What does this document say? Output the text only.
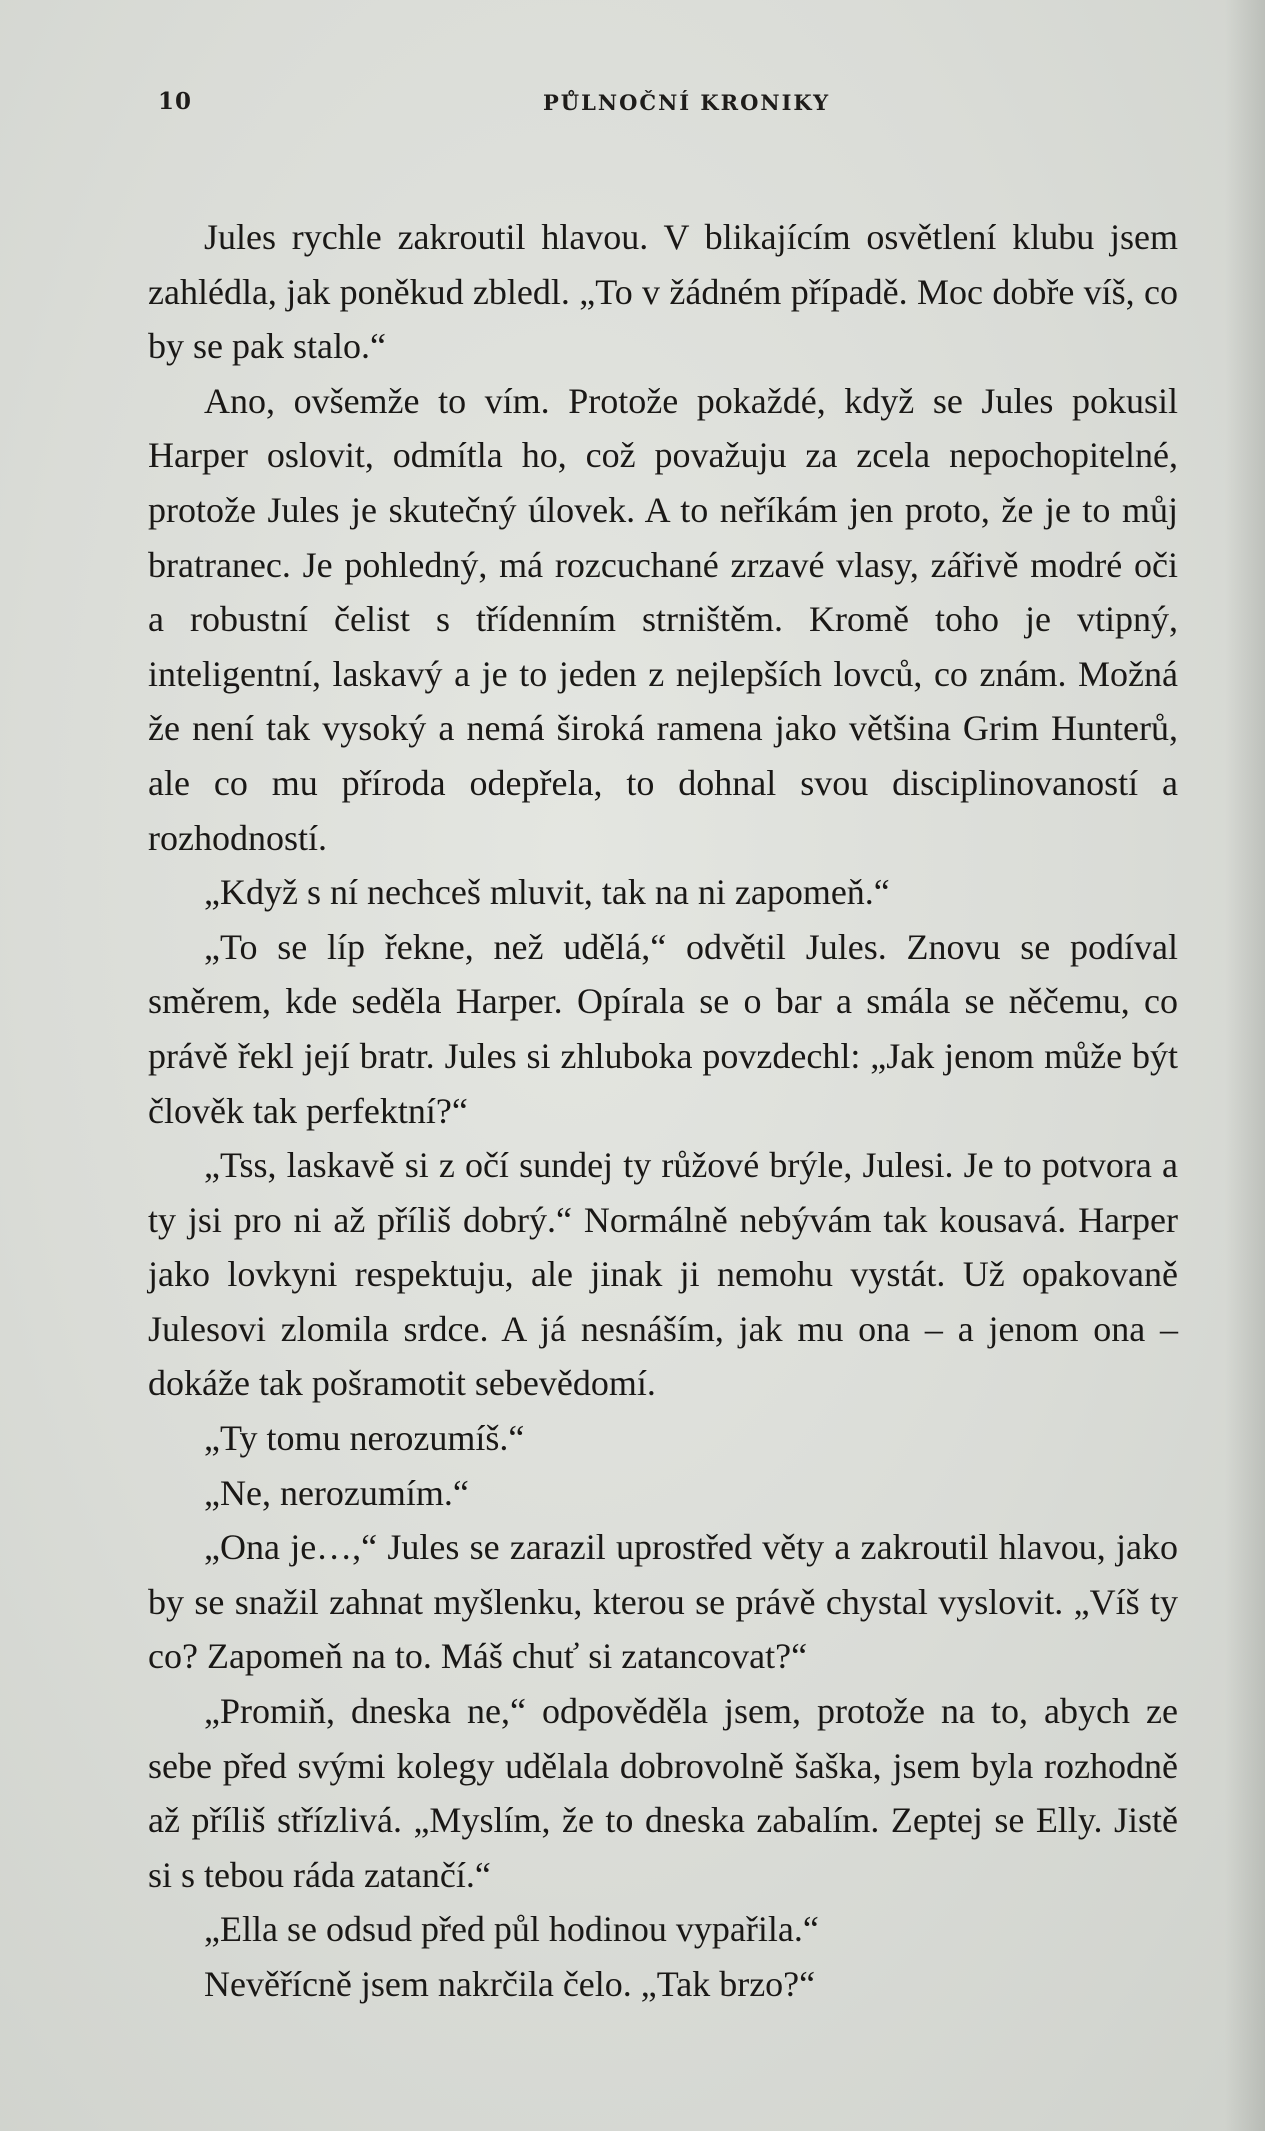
10	PŮLNOČNÍ KRONIKY

Jules rychle zakroutil hlavou. V blikajícím osvětlení klubu jsem zahlédla, jak poněkud zbledl. „To v žádném případě. Moc dobře víš, co by se pak stalo.“

Ano, ovšemže to vím. Protože pokaždé, když se Jules pokusil Harper oslovit, odmítla ho, což považuju za zcela nepochopitelné, protože Jules je skutečný úlovek. A to neříkám jen proto, že je to můj bratranec. Je pohledný, má rozcuchané zrzavé vlasy, zářivě modré oči a robustní čelist s třídenním strništěm. Kromě toho je vtipný, inteligentní, laskavý a je to jeden z nejlepších lovců, co znám. Možná že není tak vysoký a nemá široká ramena jako většina Grim Hunterů, ale co mu příroda odepřela, to dohnal svou disciplinovaností a rozhodností.

„Když s ní nechceš mluvit, tak na ni zapomeň.“

„To se líp řekne, než udělá,“ odvětil Jules. Znovu se podíval směrem, kde seděla Harper. Opírala se o bar a smála se něčemu, co právě řekl její bratr. Jules si zhluboka povzdechl: „Jak jenom může být člověk tak perfektní?“

„Tss, laskavě si z očí sundej ty růžové brýle, Julesi. Je to potvora a ty jsi pro ni až příliš dobrý.“ Normálně nebývám tak kousavá. Harper jako lovkyni respektuju, ale jinak ji nemohu vystát. Už opakovaně Julesovi zlomila srdce. A já nesnáším, jak mu ona – a jenom ona – dokáže tak pošramotit sebevědomí.

„Ty tomu nerozumíš.“

„Ne, nerozumím.“

„Ona je…,“ Jules se zarazil uprostřed věty a zakroutil hlavou, jako by se snažil zahnat myšlenku, kterou se právě chystal vyslovit. „Víš ty co? Zapomeň na to. Máš chuť si zatancovat?“

„Promiň, dneska ne,“ odpověděla jsem, protože na to, abych ze sebe před svými kolegy udělala dobrovolně šaška, jsem byla rozhodně až příliš střízlivá. „Myslím, že to dneska zabalím. Zeptej se Elly. Jistě si s tebou ráda zatančí.“

„Ella se odsud před půl hodinou vypařila.“

Nevěřícně jsem nakrčila čelo. „Tak brzo?“
